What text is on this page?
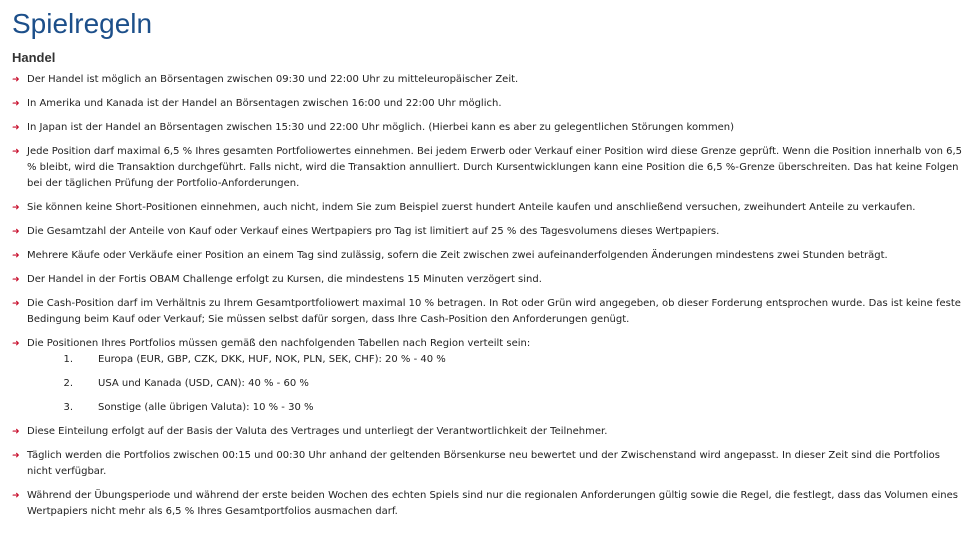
Spielregeln
Handel
➜ Der Handel ist möglich an Börsentagen zwischen 09:30 und 22:00 Uhr zu mitteleuropäischer Zeit.
➜ In Amerika und Kanada ist der Handel an Börsentagen zwischen 16:00 und 22:00 Uhr möglich.
➜ In Japan ist der Handel an Börsentagen zwischen 15:30 und 22:00 Uhr möglich. (Hierbei kann es aber zu gelegentlichen Störungen kommen)
➜ Jede Position darf maximal 6,5 % Ihres gesamten Portfoliowertes einnehmen. Bei jedem Erwerb oder Verkauf einer Position wird diese Grenze geprüft. Wenn die Position innerhalb von 6,5 % bleibt, wird die Transaktion durchgeführt. Falls nicht, wird die Transaktion annulliert. Durch Kursentwicklungen kann eine Position die 6,5 %-Grenze überschreiten. Das hat keine Folgen bei der täglichen Prüfung der Portfolio-Anforderungen.
➜ Sie können keine Short-Positionen einnehmen, auch nicht, indem Sie zum Beispiel zuerst hundert Anteile kaufen und anschließend versuchen, zweihundert Anteile zu verkaufen.
➜ Die Gesamtzahl der Anteile von Kauf oder Verkauf eines Wertpapiers pro Tag ist limitiert auf 25 % des Tagesvolumens dieses Wertpapiers.
➜ Mehrere Käufe oder Verkäufe einer Position an einem Tag sind zulässig, sofern die Zeit zwischen zwei aufeinanderfolgenden Änderungen mindestens zwei Stunden beträgt.
➜ Der Handel in der Fortis OBAM Challenge erfolgt zu Kursen, die mindestens 15 Minuten verzögert sind.
➜ Die Cash-Position darf im Verhältnis zu Ihrem Gesamtportfoliowert maximal 10 % betragen. In Rot oder Grün wird angegeben, ob dieser Forderung entsprochen wurde. Das ist keine feste Bedingung beim Kauf oder Verkauf; Sie müssen selbst dafür sorgen, dass Ihre Cash-Position den Anforderungen genügt.
➜ Die Positionen Ihres Portfolios müssen gemäß den nachfolgenden Tabellen nach Region verteilt sein:
1.	Europa (EUR, GBP, CZK, DKK, HUF, NOK, PLN, SEK, CHF): 20 % - 40 %
2.	USA und Kanada (USD, CAN): 40 % - 60 %
3.	Sonstige (alle übrigen Valuta): 10 % - 30 %
➜ Diese Einteilung erfolgt auf der Basis der Valuta des Vertrages und unterliegt der Verantwortlichkeit der Teilnehmer.
➜ Täglich werden die Portfolios zwischen 00:15 und 00:30 Uhr anhand der geltenden Börsenkurse neu bewertet und der Zwischenstand wird angepasst. In dieser Zeit sind die Portfolios nicht verfügbar.
➜ Während der Übungsperiode und während der erste beiden Wochen des echten Spiels sind nur die regionalen Anforderungen gültig sowie die Regel, die festlegt, dass das Volumen eines Wertpapiers nicht mehr als 6,5 % Ihres Gesamtportfolios ausmachen darf.
